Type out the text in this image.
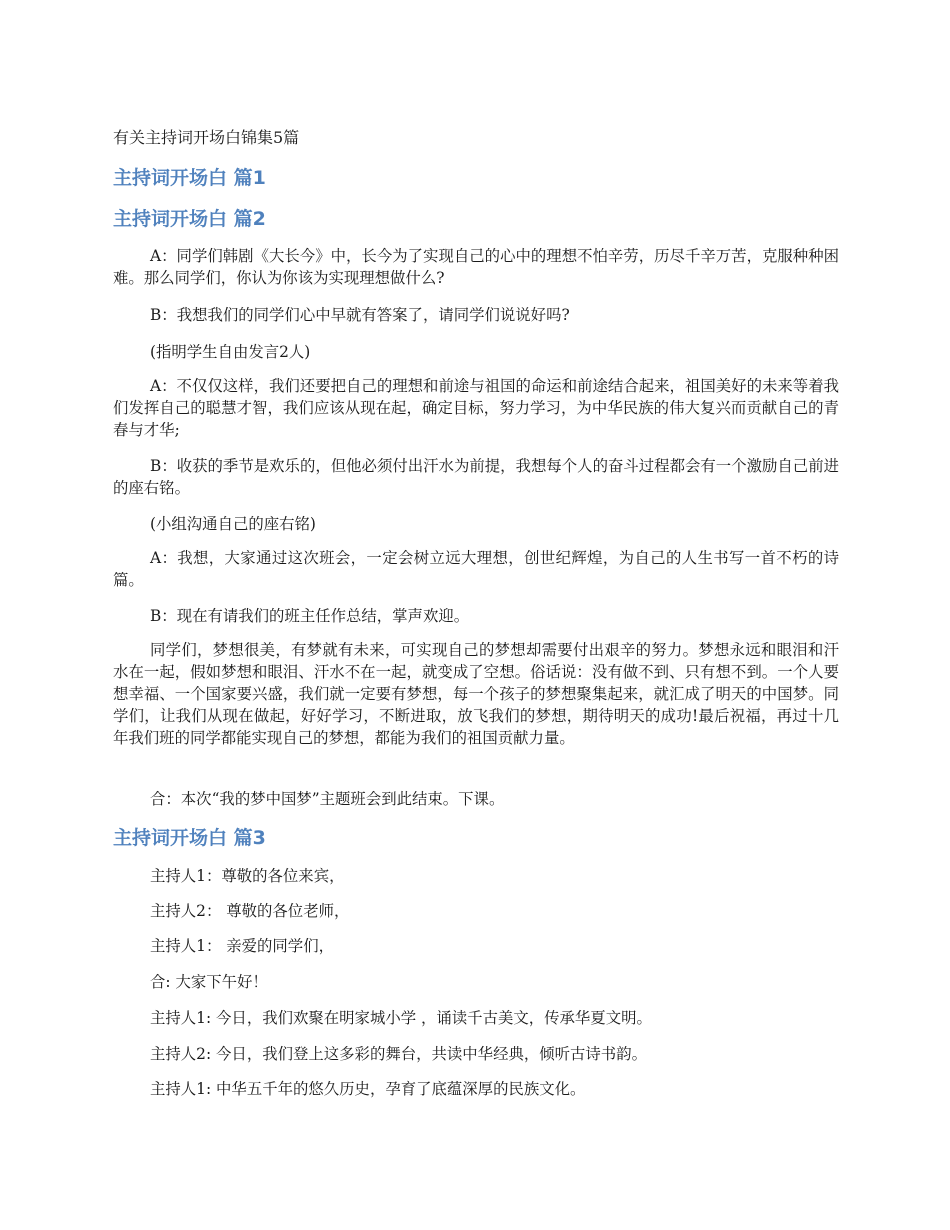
有关主持词开场白锦集5篇
主持词开场白 篇1
主持词开场白 篇2
A：同学们韩剧《大长今》中，长今为了实现自己的心中的理想不怕辛劳，历尽千辛万苦，克服种种困难。那么同学们，你认为你该为实现理想做什么?
B：我想我们的同学们心中早就有答案了，请同学们说说好吗?
(指明学生自由发言2人)
A：不仅仅这样，我们还要把自己的理想和前途与祖国的命运和前途结合起来，祖国美好的未来等着我们发挥自己的聪慧才智，我们应该从现在起，确定目标，努力学习，为中华民族的伟大复兴而贡献自己的青春与才华;
B：收获的季节是欢乐的，但他必须付出汗水为前提，我想每个人的奋斗过程都会有一个激励自己前进的座右铭。
(小组沟通自己的座右铭)
A：我想，大家通过这次班会，一定会树立远大理想，创世纪辉煌，为自己的人生书写一首不朽的诗篇。
B：现在有请我们的班主任作总结，掌声欢迎。
同学们，梦想很美，有梦就有未来，可实现自己的梦想却需要付出艰辛的努力。梦想永远和眼泪和汗水在一起，假如梦想和眼泪、汗水不在一起，就变成了空想。俗话说：没有做不到、只有想不到。一个人要想幸福、一个国家要兴盛，我们就一定要有梦想，每一个孩子的梦想聚集起来，就汇成了明天的中国梦。同学们，让我们从现在做起，好好学习，不断进取，放飞我们的梦想，期待明天的成功!最后祝福，再过十几年我们班的同学都能实现自己的梦想，都能为我们的祖国贡献力量。
合：本次“我的梦中国梦”主题班会到此结束。下课。
主持词开场白 篇3
主持人1：尊敬的各位来宾，
主持人2： 尊敬的各位老师，
主持人1： 亲爱的同学们，
合: 大家下午好！
主持人1: 今日，我们欢聚在明家城小学 ，诵读千古美文，传承华夏文明。
主持人2: 今日，我们登上这多彩的舞台，共读中华经典，倾听古诗书韵。
主持人1: 中华五千年的悠久历史，孕育了底蕴深厚的民族文化。
